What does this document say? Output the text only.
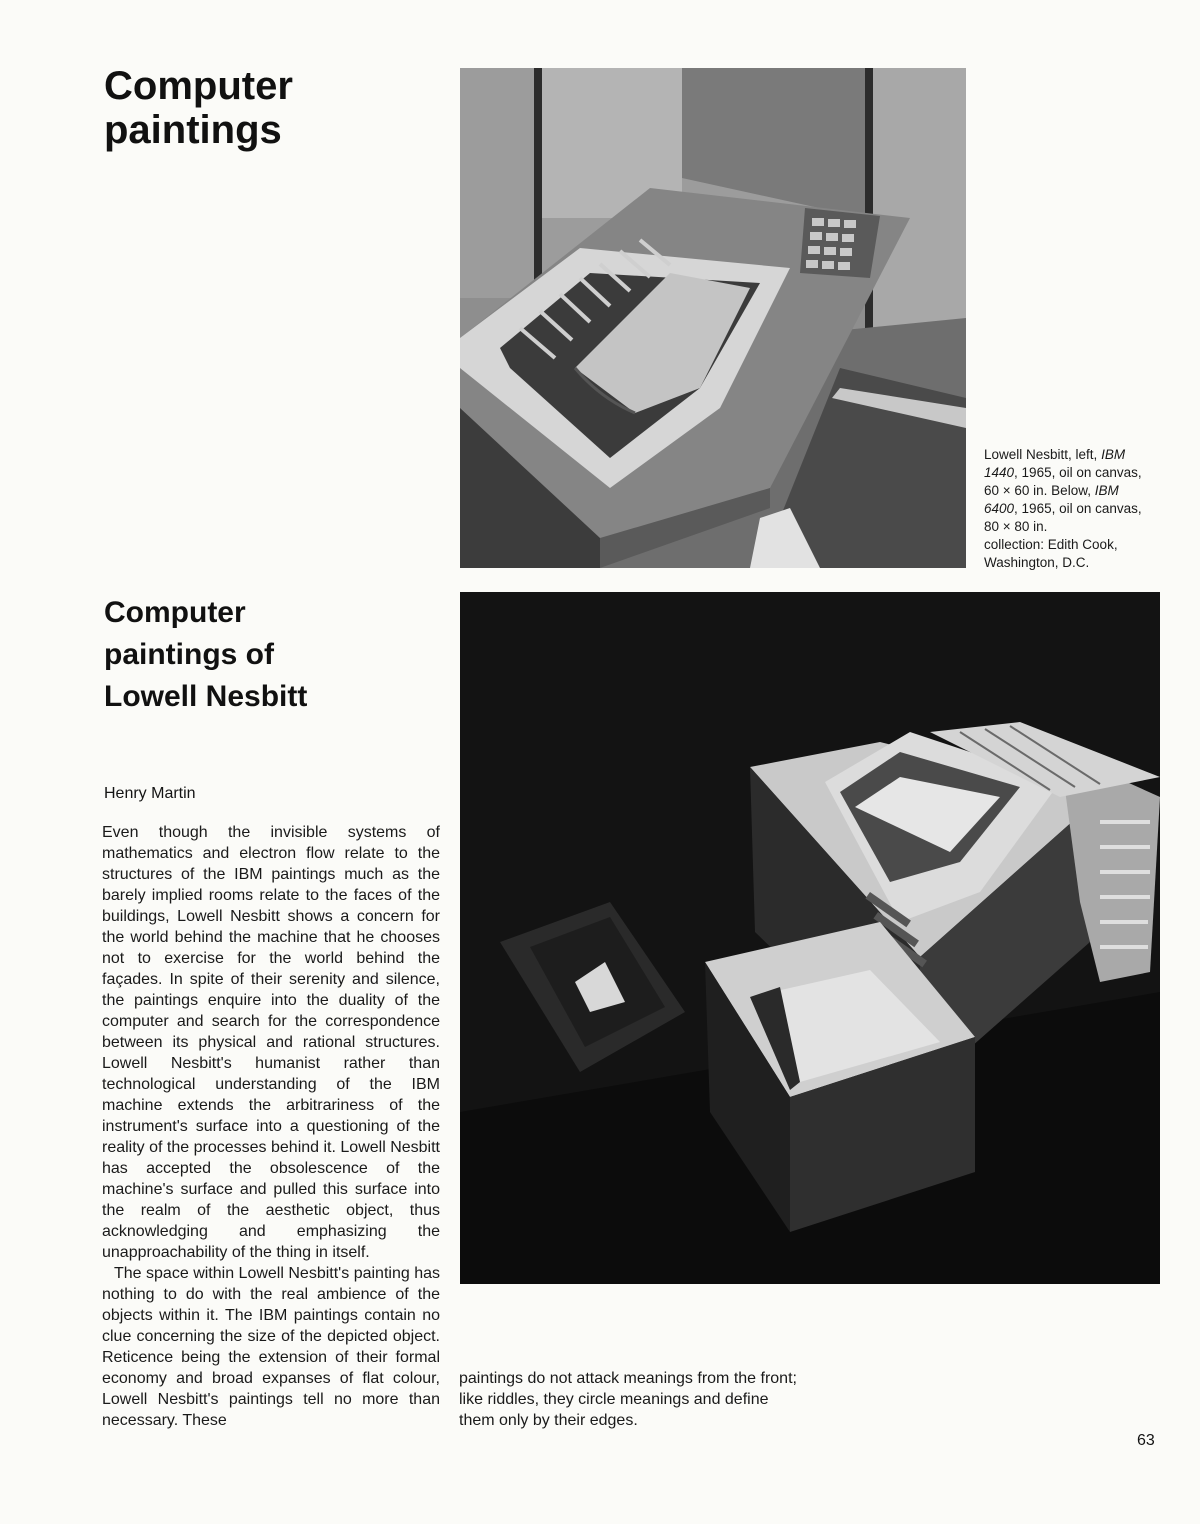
Computer
paintings
Lowell Nesbitt, left, IBM
1440, 1965, oil on canvas,
60 × 60 in. Below, IBM
6400, 1965, oil on canvas,
80 × 80 in.
collection: Edith Cook,
Washington, D.C.
Computer
paintings of
Lowell Nesbitt
Henry Martin

Even though the invisible systems of mathematics and electron flow relate to the structures of the IBM paintings much as the barely implied rooms relate to the faces of the buildings, Lowell Nesbitt shows a concern for the world behind the machine that he chooses not to exercise for the world behind the façades. In spite of their serenity and silence, the paintings enquire into the duality of the computer and search for the correspondence between its physical and rational structures. Lowell Nesbitt's humanist rather than technological understanding of the IBM machine extends the arbitrariness of the instrument's surface into a questioning of the reality of the processes behind it. Lowell Nesbitt has accepted the obsolescence of the machine's surface and pulled this surface into the realm of the aesthetic object, thus acknowledging and emphasizing the unapproachability of the thing in itself.

The space within Lowell Nesbitt's painting has nothing to do with the real ambience of the objects within it. The IBM paintings contain no clue concerning the size of the depicted object. Reticence being the extension of their formal economy and broad expanses of flat colour, Lowell Nesbitt's paintings tell no more than necessary. These

paintings do not attack meanings from the front; like riddles, they circle meanings and define them only by their edges.

63
